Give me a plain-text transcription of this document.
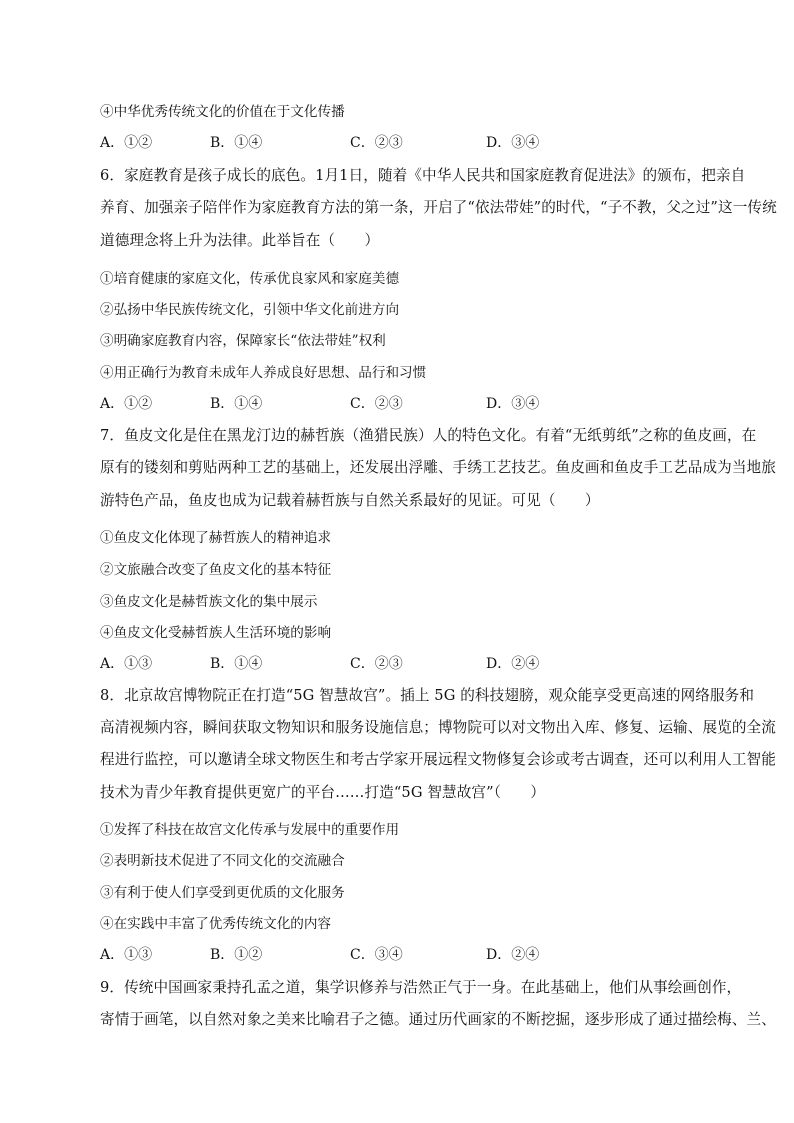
④中华优秀传统文化的价值在于文化传播
A．①②	B．①④	C．②③	D．③④
6．家庭教育是孩子成长的底色。1月1日，随着《中华人民共和国家庭教育促进法》的颁布，把亲自
养育、加强亲子陪伴作为家庭教育方法的第一条，开启了“依法带娃”的时代，“子不教，父之过”这一传统
道德理念将上升为法律。此举旨在（　　）
①培育健康的家庭文化，传承优良家风和家庭美德
②弘扬中华民族传统文化，引领中华文化前进方向
③明确家庭教育内容，保障家长“依法带娃”权利
④用正确行为教育未成年人养成良好思想、品行和习惯
A．①②	B．①④	C．②③	D．③④
7．鱼皮文化是住在黑龙汀边的赫哲族（渔猎民族）人的特色文化。有着“无纸剪纸”之称的鱼皮画，在
原有的镂刻和剪贴两种工艺的基础上，还发展出浮雕、手绣工艺技艺。鱼皮画和鱼皮手工艺品成为当地旅
游特色产品，鱼皮也成为记载着赫哲族与自然关系最好的见证。可见（　　）
①鱼皮文化体现了赫哲族人的精神追求
②文旅融合改变了鱼皮文化的基本特征
③鱼皮文化是赫哲族文化的集中展示
④鱼皮文化受赫哲族人生活环境的影响
A．①③	B．①④	C．②③	D．②④
8．北京故宫博物院正在打造“5G 智慧故宫”。插上 5G 的科技翅膀，观众能享受更高速的网络服务和
高清视频内容，瞬间获取文物知识和服务设施信息；博物院可以对文物出入库、修复、运输、展览的全流
程进行监控，可以邀请全球文物医生和考古学家开展远程文物修复会诊或考古调查，还可以利用人工智能
技术为青少年教育提供更宽广的平台……打造“5G 智慧故宫”（　　）
①发挥了科技在故宫文化传承与发展中的重要作用
②表明新技术促进了不同文化的交流融合
③有利于使人们享受到更优质的文化服务
④在实践中丰富了优秀传统文化的内容
A．①③	B．①②	C．③④	D．②④
9．传统中国画家秉持孔孟之道，集学识修养与浩然正气于一身。在此基础上，他们从事绘画创作，
寄情于画笔，以自然对象之美来比喻君子之德。通过历代画家的不断挖掘，逐步形成了通过描绘梅、兰、
